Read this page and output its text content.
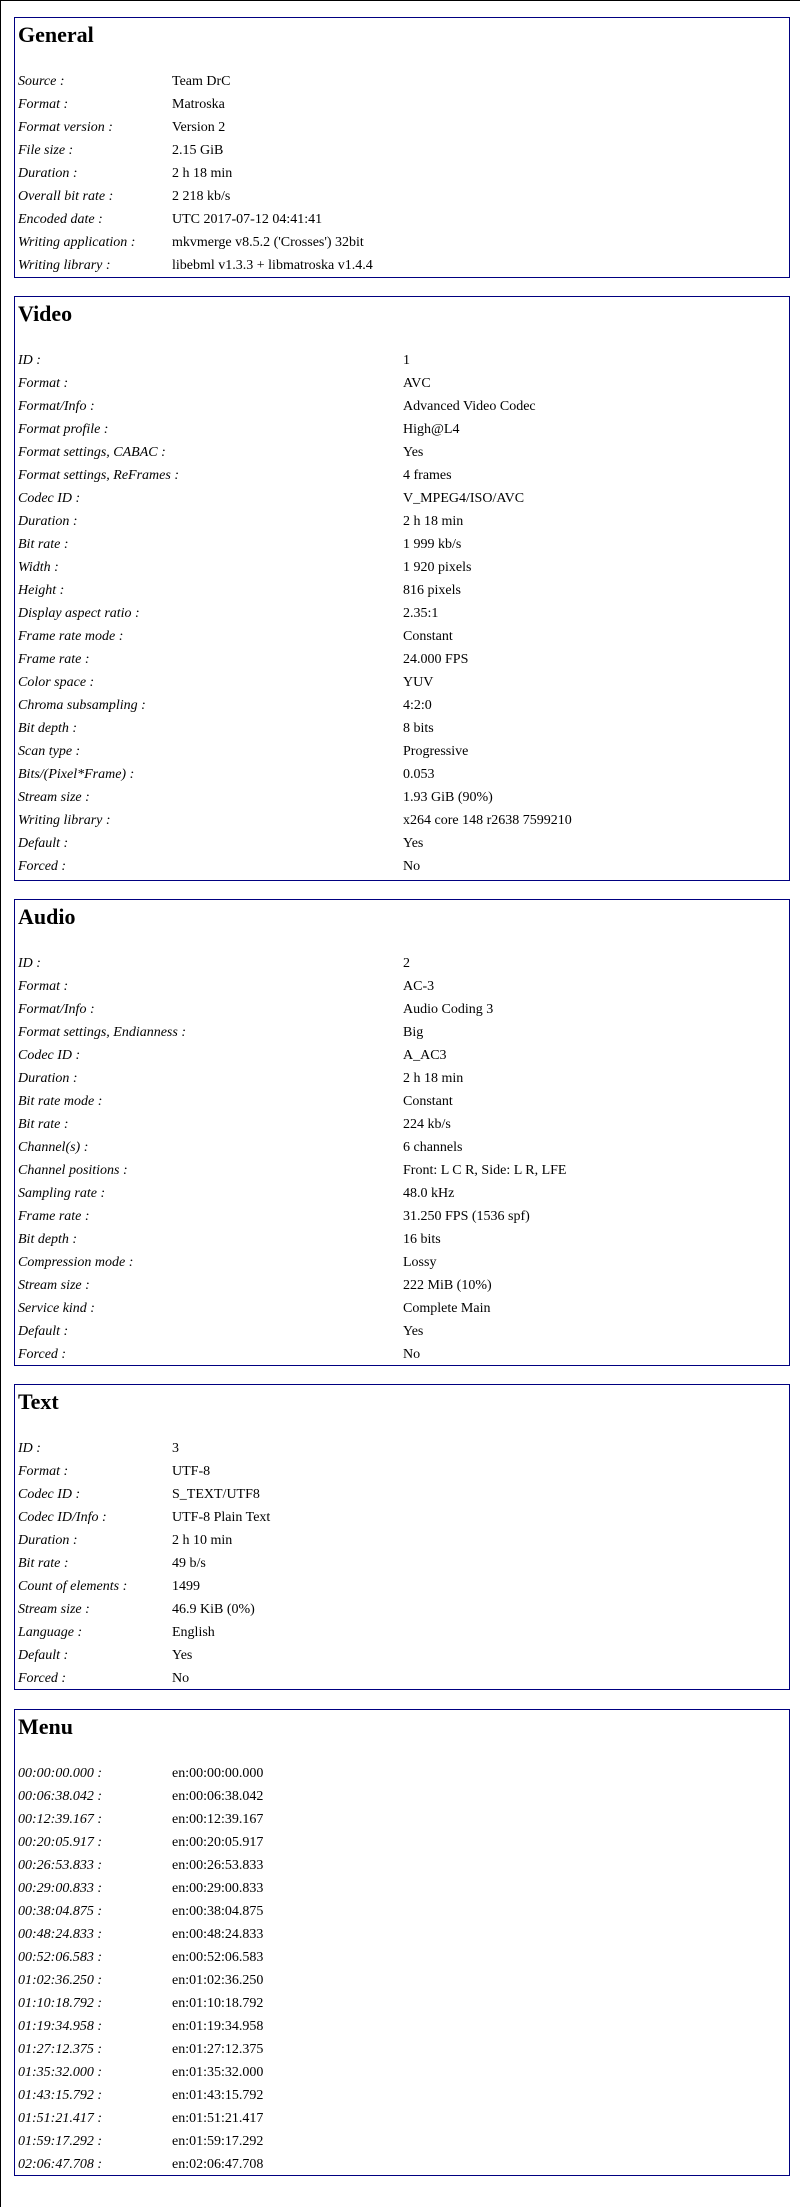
General
Source :	Team DrC
Format :	Matroska
Format version :	Version 2
File size :	2.15 GiB
Duration :	2 h 18 min
Overall bit rate :	2 218 kb/s
Encoded date :	UTC 2017-07-12 04:41:41
Writing application :	mkvmerge v8.5.2 ('Crosses') 32bit
Writing library :	libebml v1.3.3 + libmatroska v1.4.4
Video
ID :	1
Format :	AVC
Format/Info :	Advanced Video Codec
Format profile :	High@L4
Format settings, CABAC :	Yes
Format settings, ReFrames :	4 frames
Codec ID :	V_MPEG4/ISO/AVC
Duration :	2 h 18 min
Bit rate :	1 999 kb/s
Width :	1 920 pixels
Height :	816 pixels
Display aspect ratio :	2.35:1
Frame rate mode :	Constant
Frame rate :	24.000 FPS
Color space :	YUV
Chroma subsampling :	4:2:0
Bit depth :	8 bits
Scan type :	Progressive
Bits/(Pixel*Frame) :	0.053
Stream size :	1.93 GiB (90%)
Writing library :	x264 core 148 r2638 7599210
Default :	Yes
Forced :	No
Audio
ID :	2
Format :	AC-3
Format/Info :	Audio Coding 3
Format settings, Endianness :	Big
Codec ID :	A_AC3
Duration :	2 h 18 min
Bit rate mode :	Constant
Bit rate :	224 kb/s
Channel(s) :	6 channels
Channel positions :	Front: L C R, Side: L R, LFE
Sampling rate :	48.0 kHz
Frame rate :	31.250 FPS (1536 spf)
Bit depth :	16 bits
Compression mode :	Lossy
Stream size :	222 MiB (10%)
Service kind :	Complete Main
Default :	Yes
Forced :	No
Text
ID :	3
Format :	UTF-8
Codec ID :	S_TEXT/UTF8
Codec ID/Info :	UTF-8 Plain Text
Duration :	2 h 10 min
Bit rate :	49 b/s
Count of elements :	1499
Stream size :	46.9 KiB (0%)
Language :	English
Default :	Yes
Forced :	No
Menu
00:00:00.000 :	en:00:00:00.000
00:06:38.042 :	en:00:06:38.042
00:12:39.167 :	en:00:12:39.167
00:20:05.917 :	en:00:20:05.917
00:26:53.833 :	en:00:26:53.833
00:29:00.833 :	en:00:29:00.833
00:38:04.875 :	en:00:38:04.875
00:48:24.833 :	en:00:48:24.833
00:52:06.583 :	en:00:52:06.583
01:02:36.250 :	en:01:02:36.250
01:10:18.792 :	en:01:10:18.792
01:19:34.958 :	en:01:19:34.958
01:27:12.375 :	en:01:27:12.375
01:35:32.000 :	en:01:35:32.000
01:43:15.792 :	en:01:43:15.792
01:51:21.417 :	en:01:51:21.417
01:59:17.292 :	en:01:59:17.292
02:06:47.708 :	en:02:06:47.708
